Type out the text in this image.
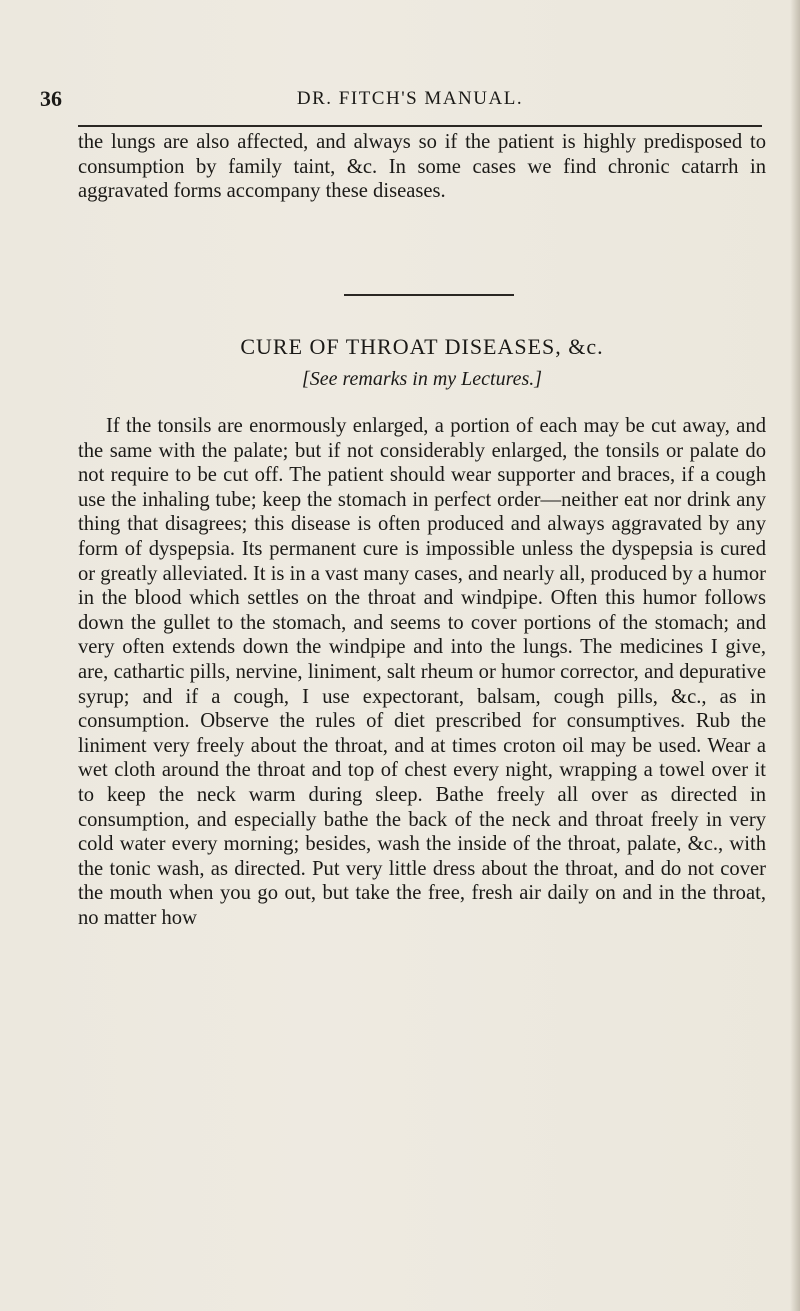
36	DR. FITCH'S MANUAL.

the lungs are also affected, and always so if the patient is highly predisposed to consumption by family taint, &c. In some cases we find chronic catarrh in aggravated forms accompany these diseases.

CURE OF THROAT DISEASES, &c.
[See remarks in my Lectures.]

If the tonsils are enormously enlarged, a portion of each may be cut away, and the same with the palate; but if not considerably enlarged, the tonsils or palate do not require to be cut off. The patient should wear supporter and braces, if a cough use the inhaling tube; keep the stomach in perfect order—neither eat nor drink any thing that disagrees; this disease is often produced and always aggravated by any form of dyspepsia. Its permanent cure is impossible unless the dyspepsia is cured or greatly alleviated. It is in a vast many cases, and nearly all, produced by a humor in the blood which settles on the throat and windpipe. Often this humor follows down the gullet to the stomach, and seems to cover portions of the stomach; and very often extends down the windpipe and into the lungs. The medicines I give, are, cathartic pills, nervine, liniment, salt rheum or humor corrector, and depurative syrup; and if a cough, I use expectorant, balsam, cough pills, &c., as in consumption. Observe the rules of diet prescribed for consumptives. Rub the liniment very freely about the throat, and at times croton oil may be used. Wear a wet cloth around the throat and top of chest every night, wrapping a towel over it to keep the neck warm during sleep. Bathe freely all over as directed in consumption, and especially bathe the back of the neck and throat freely in very cold water every morning; besides, wash the inside of the throat, palate, &c., with the tonic wash, as directed. Put very little dress about the throat, and do not cover the mouth when you go out, but take the free, fresh air daily on and in the throat, no matter how
